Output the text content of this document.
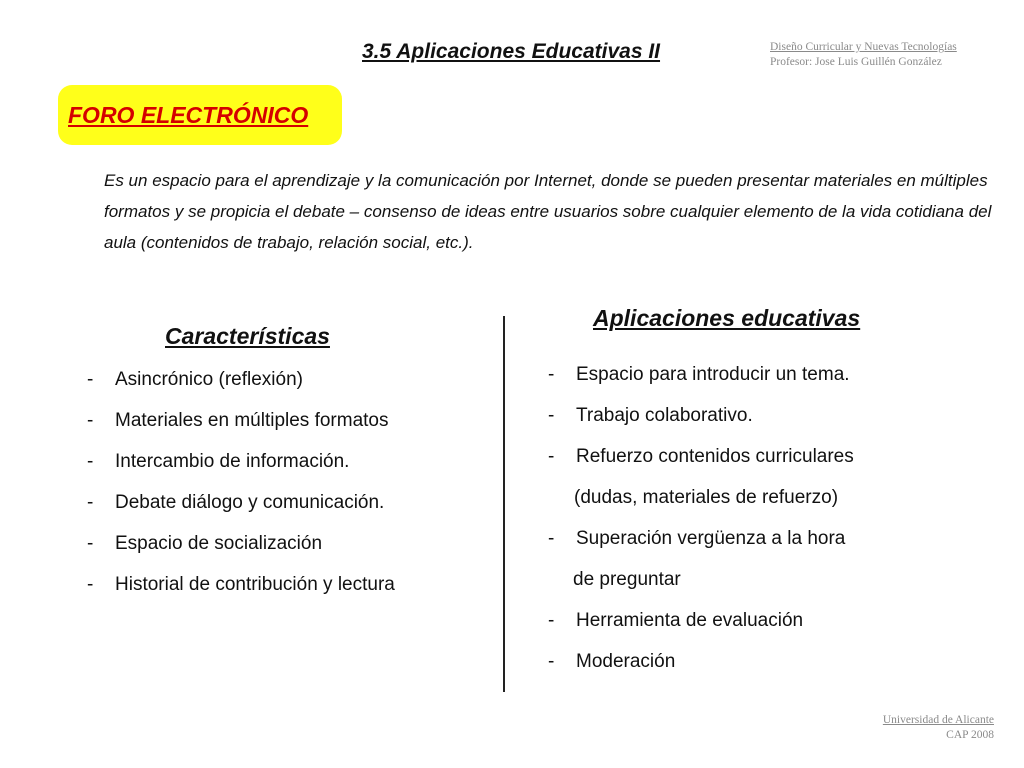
3.5 Aplicaciones Educativas II	Diseño Curricular y Nuevas Tecnologías
Profesor: Jose Luis Guillén González
FORO ELECTRÓNICO

Es un espacio para el aprendizaje y la comunicación por Internet, donde se pueden presentar materiales en múltiples formatos y se propicia el debate – consenso de ideas entre usuarios sobre cualquier elemento de la vida cotidiana del aula (contenidos de trabajo, relación social, etc.).

Características
- Asincrónico (reflexión)
- Materiales en múltiples formatos
- Intercambio de información.
- Debate diálogo y comunicación.
- Espacio de socialización
- Historial de contribución y lectura
Aplicaciones educativas
- Espacio para introducir un tema.
- Trabajo colaborativo.
- Refuerzo contenidos curriculares
(dudas, materiales de refuerzo)
- Superación vergüenza a la hora
de preguntar
- Herramienta de evaluación
- Moderación
Universidad de Alicante
CAP 2008
